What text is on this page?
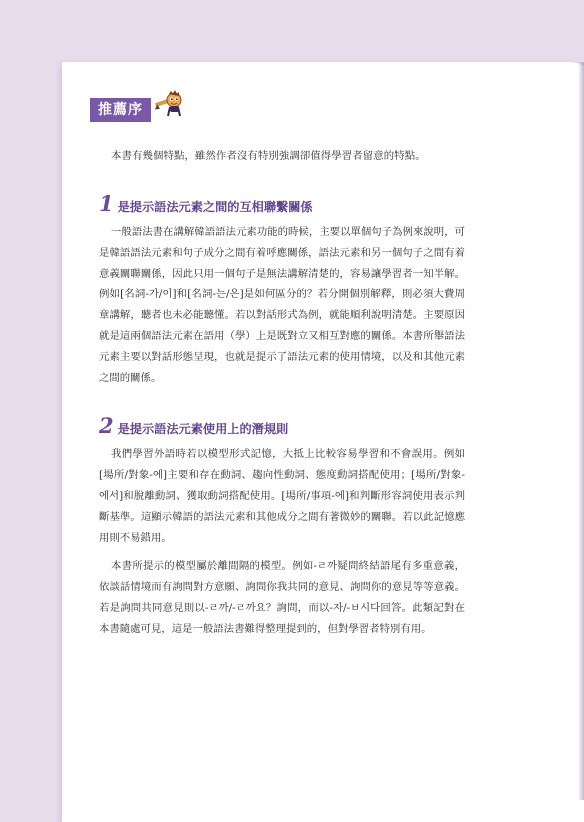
推薦序

本書有幾個特點，雖然作者沒有特別強調卻值得學習者留意的特點。

1 是提示語法元素之間的互相聯繫關係

一般語法書在講解韓語語法元素功能的時候，主要以單個句子為例來說明，可是韓語語法元素和句子成分之間有着呼應關係，語法元素和另一個句子之間有着意義關聯關係，因此只用一個句子是無法講解清楚的，容易讓學習者一知半解。例如[名詞-가/이]和[名詞-는/은]是如何區分的？若分開個別解釋，則必須大費周章講解，聽者也未必能聽懂。若以對話形式為例，就能順利說明清楚。主要原因就是這兩個語法元素在語用（學）上是既對立又相互對應的關係。本書所舉語法元素主要以對話形態呈現，也就是提示了語法元素的使用情境，以及和其他元素之間的關係。

2 是提示語法元素使用上的潛規則

我們學習外語時若以模型形式記憶，大抵上比較容易學習和不會誤用。例如[場所/對象-에]主要和存在動詞、趨向性動詞、態度動詞搭配使用；[場所/對象-에서]和脫離動詞、獲取動詞搭配使用。[場所/事項-에]和判斷形容詞使用表示判斷基準。這顯示韓語的語法元素和其他成分之間有著微妙的關聯。若以此記憶應用則不易錯用。

本書所提示的模型屬於離間隔的模型。例如-ㄹ까疑問終結語尾有多重意義，依談話情境而有詢問對方意願、詢問你我共同的意見、詢問你的意見等等意義。若是詢問共同意見則以-ㄹ까/-ㄹ까요？詢問，而以-자/-ㅂ시다回答。此類記對在本書隨處可見，這是一般語法書難得整理提到的，但對學習者特別有用。
